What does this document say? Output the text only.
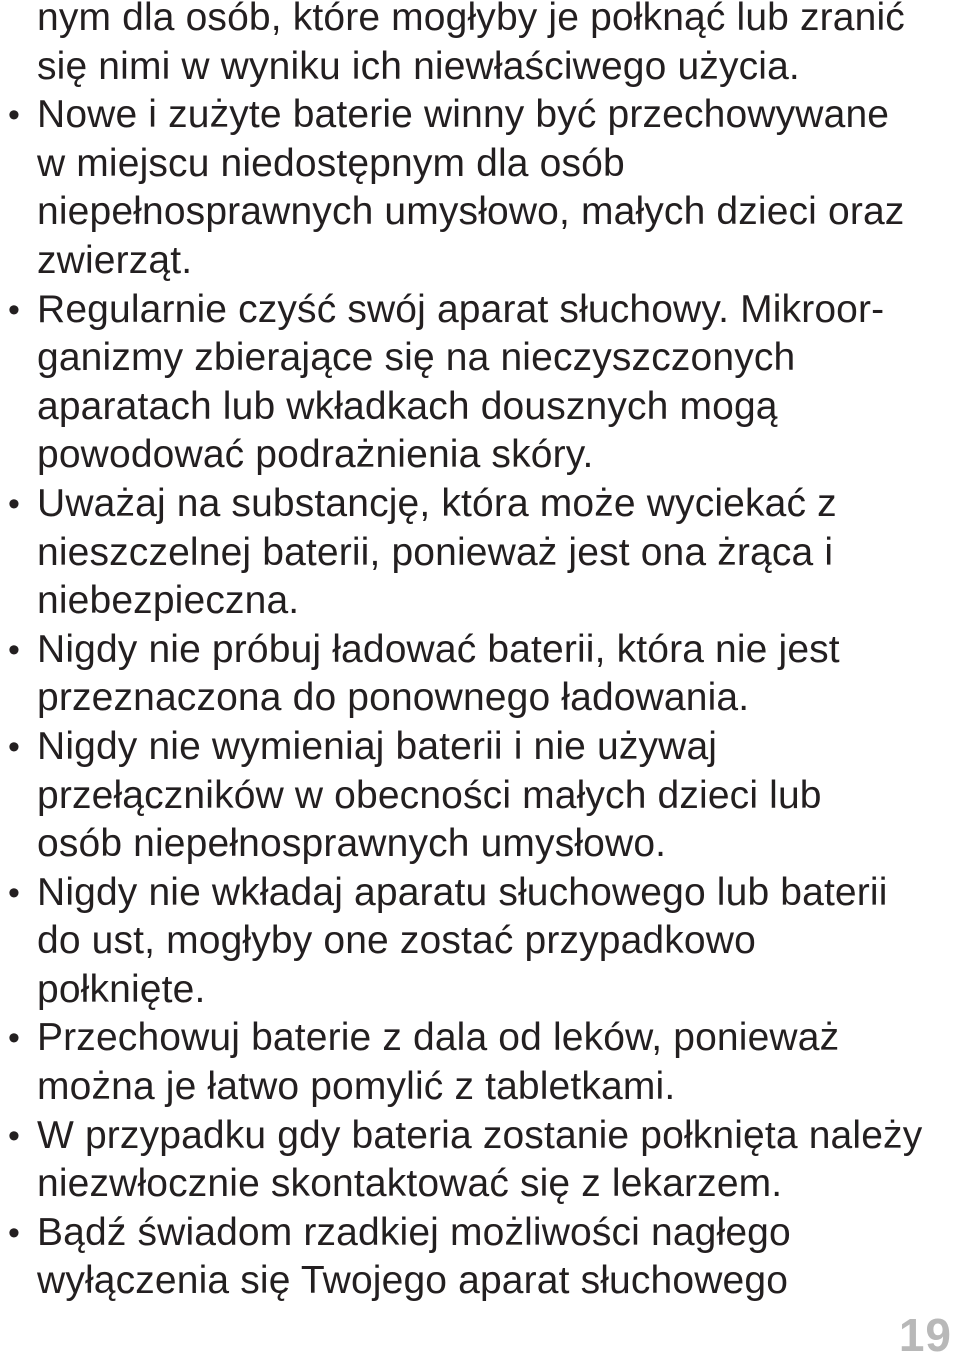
nym dla osób, które mogłyby je połknąć lub zranić
się nimi w wyniku ich niewłaściwego użycia.
• Nowe i zużyte baterie winny być przechowywane
w miejscu niedostępnym dla osób
niepełnosprawnych umysłowo, małych dzieci oraz
zwierząt.
• Regularnie czyść swój aparat słuchowy. Mikroor-
ganizmy zbierające się na nieczyszczonych
aparatach lub wkładkach dousznych mogą
powodować podrażnienia skóry.
• Uważaj na substancję, która może wyciekać z
nieszczelnej baterii, ponieważ jest ona żrąca i
niebezpieczna.
• Nigdy nie próbuj ładować baterii, która nie jest
przeznaczona do ponownego ładowania.
• Nigdy nie wymieniaj baterii i nie używaj
przełączników w obecności małych dzieci lub
osób niepełnosprawnych umysłowo.
• Nigdy nie wkładaj aparatu słuchowego lub baterii
do ust, mogłyby one zostać przypadkowo
połknięte.
• Przechowuj baterie z dala od leków, ponieważ
można je łatwo pomylić z tabletkami.
• W przypadku gdy bateria zostanie połknięta należy
niezwłocznie skontaktować się z lekarzem.
• Bądź świadom rzadkiej możliwości nagłego
wyłączenia się Twojego aparat słuchowego
19
